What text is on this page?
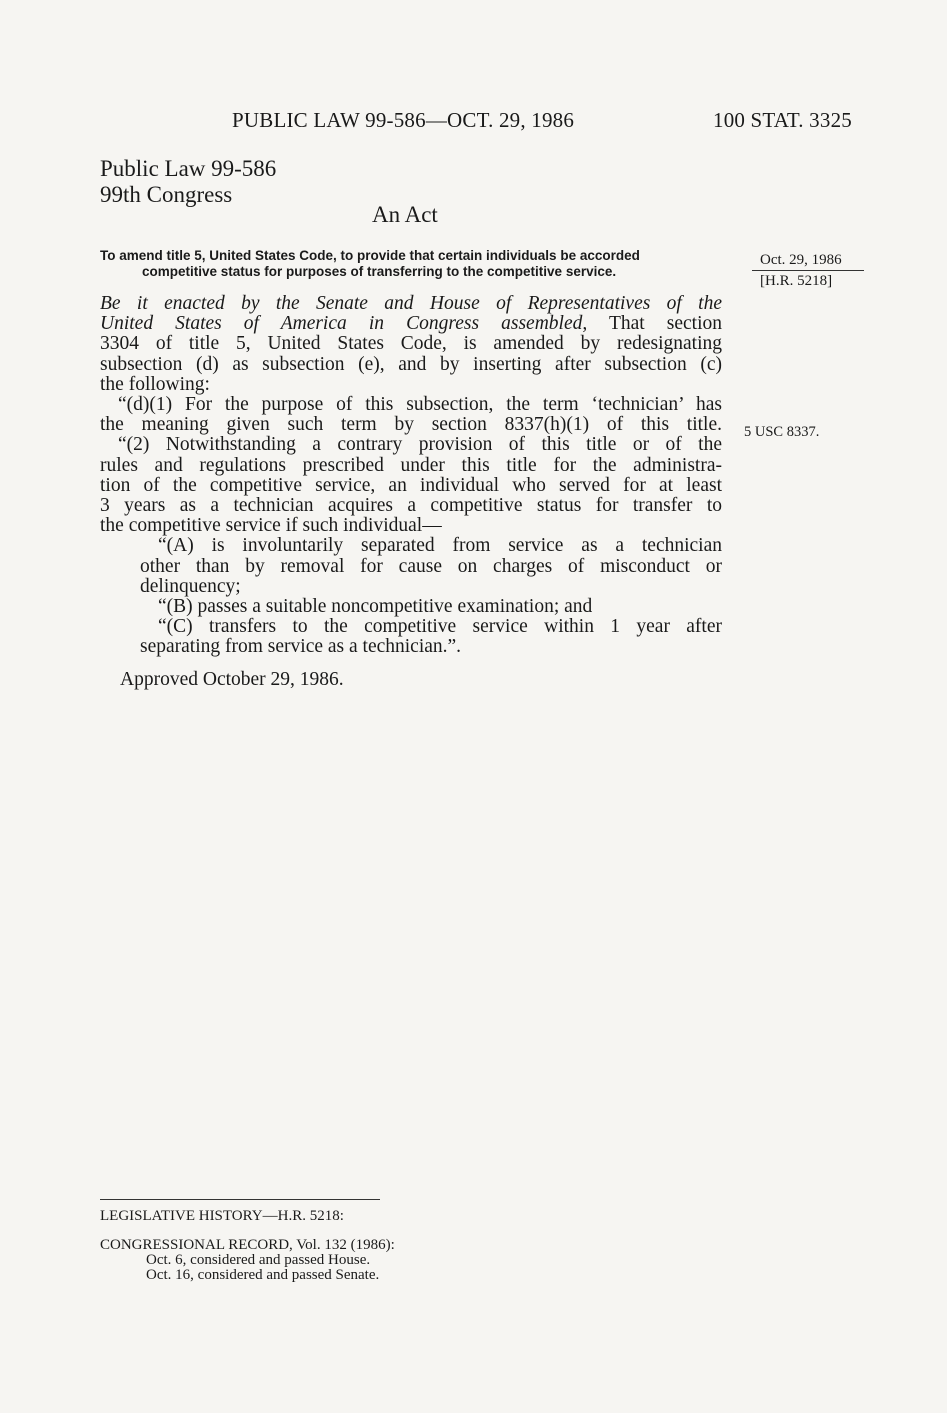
PUBLIC LAW 99-586—OCT. 29, 1986	100 STAT. 3325
Public Law 99-586
99th Congress
An Act
To amend title 5, United States Code, to provide that certain individuals be accorded
competitive status for purposes of transferring to the competitive service.
Oct. 29, 1986
[H.R. 5218]
5 USC 8337.

Be it enacted by the Senate and House of Representatives of the

United States of America in Congress assembled, That section

3304 of title 5, United States Code, is amended by redesignating

subsection (d) as subsection (e), and by inserting after subsection (c)

the following:

“(d)(1) For the purpose of this subsection, the term ‘technician’ has

the meaning given such term by section 8337(h)(1) of this title.

“(2) Notwithstanding a contrary provision of this title or of the

rules and regulations prescribed under this title for the administra-

tion of the competitive service, an individual who served for at least

3 years as a technician acquires a competitive status for transfer to

the competitive service if such individual—

“(A) is involuntarily separated from service as a technician

other than by removal for cause on charges of misconduct or

delinquency;

“(B) passes a suitable noncompetitive examination; and

“(C) transfers to the competitive service within 1 year after

separating from service as a technician.”.

Approved October 29, 1986.

LEGISLATIVE HISTORY—H.R. 5218:
CONGRESSIONAL RECORD, Vol. 132 (1986):
Oct. 6, considered and passed House.
Oct. 16, considered and passed Senate.
